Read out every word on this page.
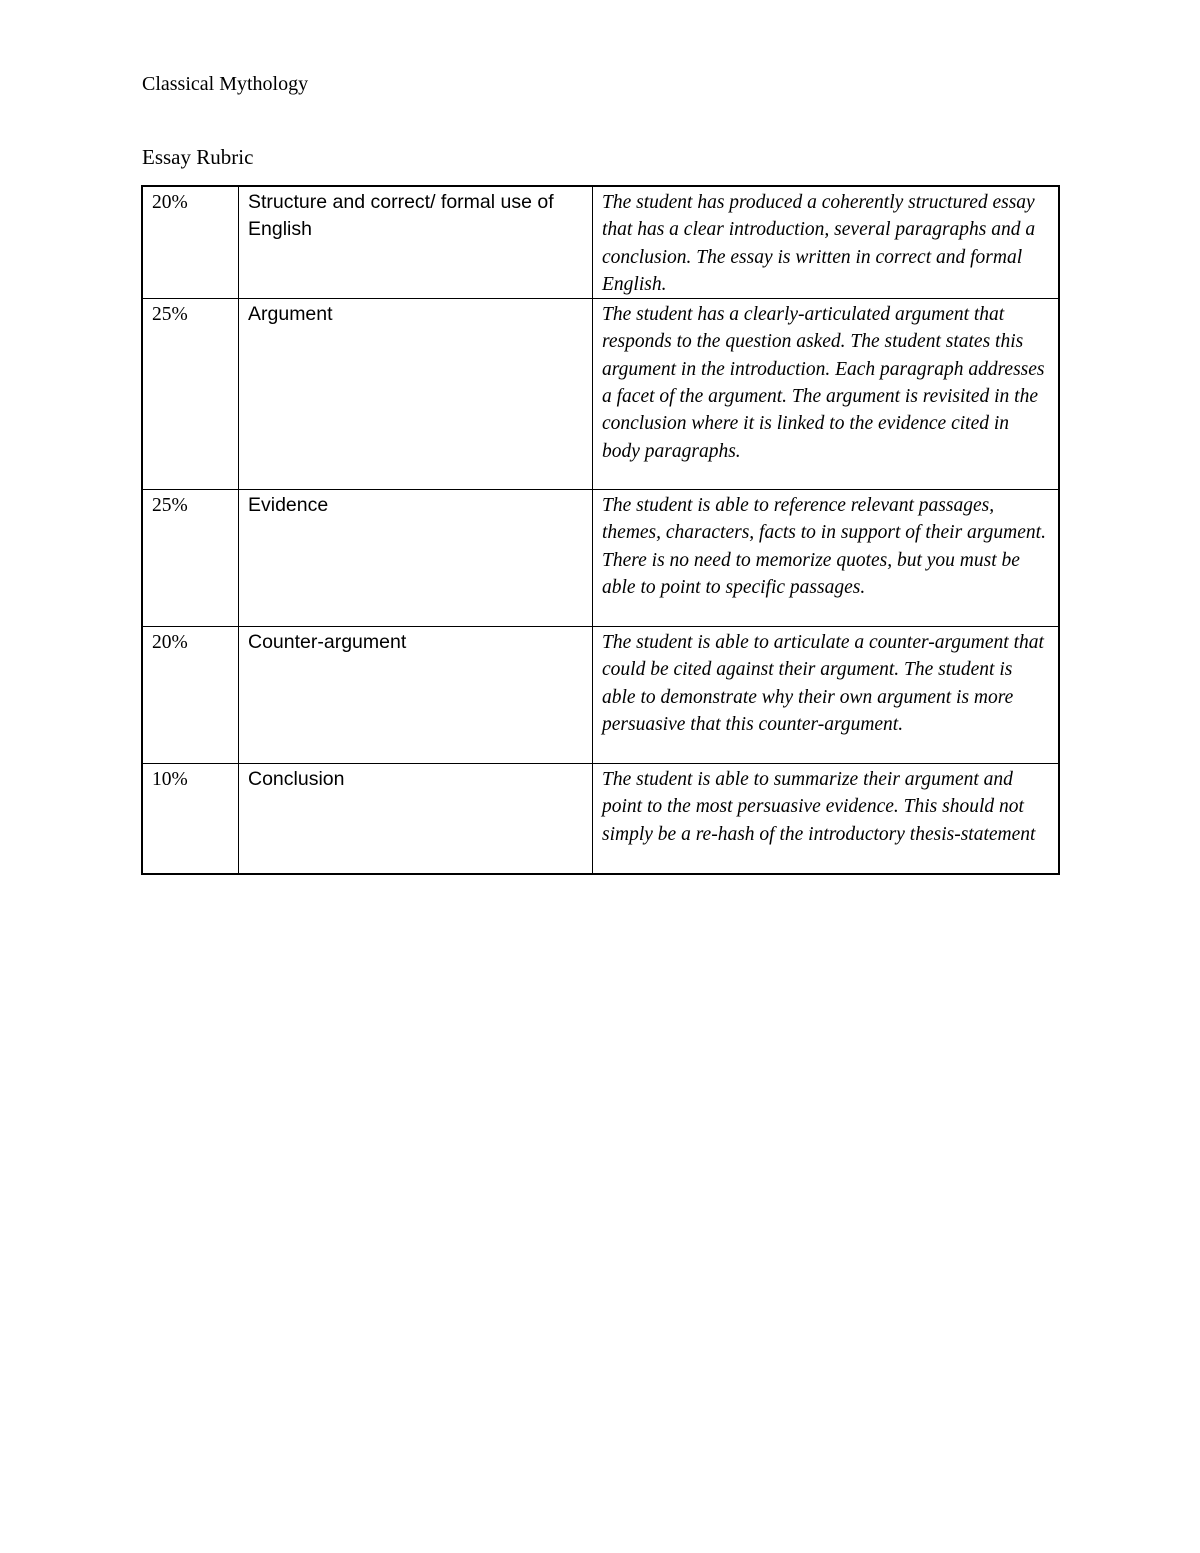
Classical Mythology
Essay Rubric
20%	Structure and correct/ formal use of English	The student has produced a coherently structured essay that has a clear introduction, several paragraphs and a conclusion. The essay is written in correct and formal English.
25%	Argument	The student has a clearly-articulated argument that responds to the question asked. The student states this argument in the introduction. Each paragraph addresses a facet of the argument. The argument is revisited in the conclusion where it is linked to the evidence cited in body paragraphs.
25%	Evidence	The student is able to reference relevant passages, themes, characters, facts to in support of their argument. There is no need to memorize quotes, but you must be able to point to specific passages.
20%	Counter-argument	The student is able to articulate a counter-argument that could be cited against their argument. The student is able to demonstrate why their own argument is more persuasive that this counter-argument.
10%	Conclusion	The student is able to summarize their argument and point to the most persuasive evidence. This should not simply be a re-hash of the introductory thesis-statement
